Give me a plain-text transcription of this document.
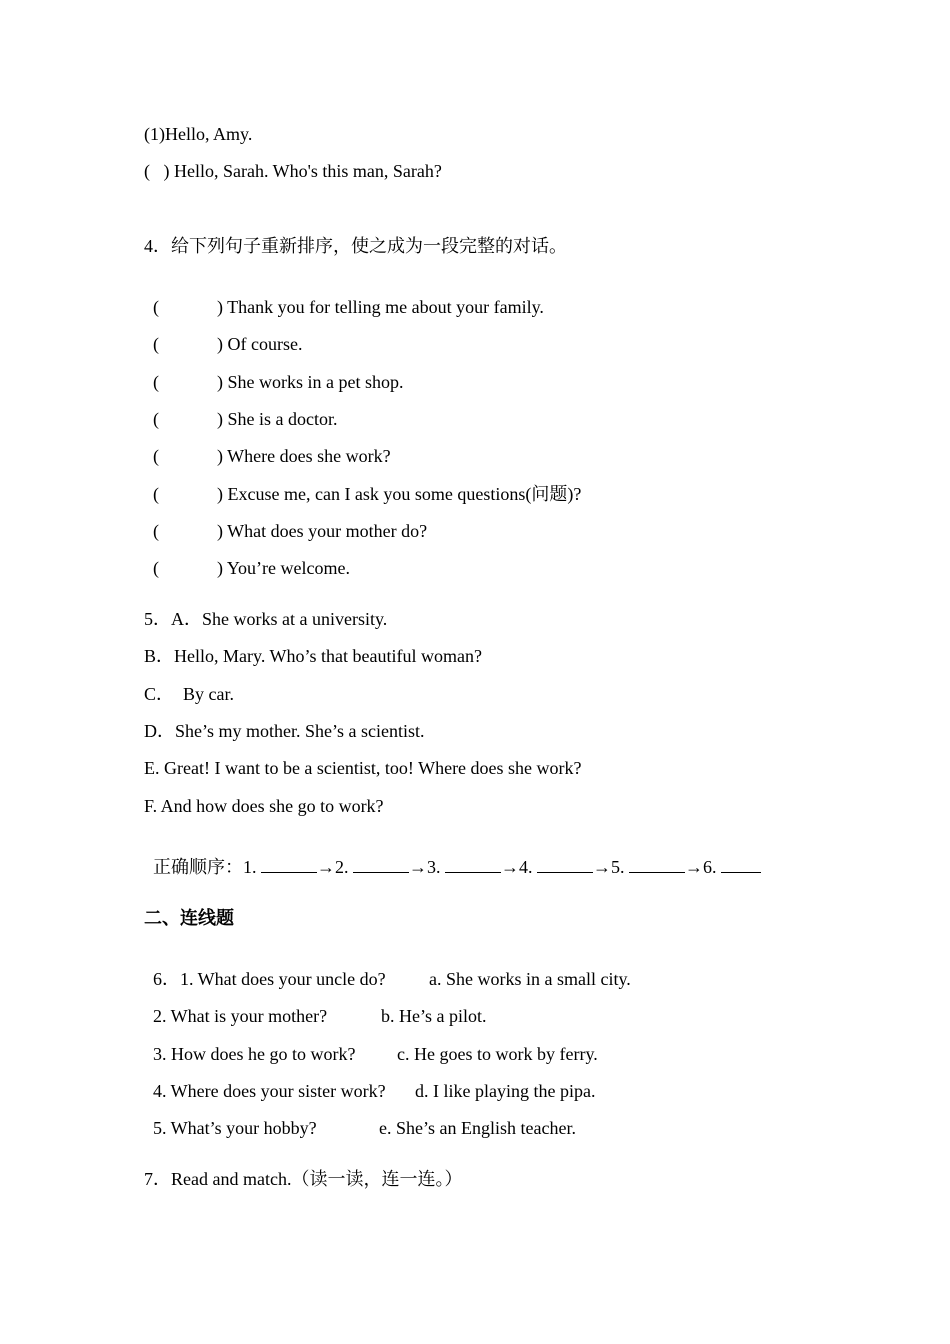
(1)Hello, Amy.
(   ) Hello, Sarah. Who's this man, Sarah?
4．给下列句子重新排序，使之成为一段完整的对话。

(	) Thank you for telling me about your family.

(	) Of course.

(	) She works in a pet shop.

(	) She is a doctor.

(	) Where does she work?

(	) Excuse me, can I ask you some questions(问题)?

(	) What does your mother do?

(	) You’re welcome.

5．A．She works at a university.
B．Hello, Mary. Who’s that beautiful woman?
C．  By car.
D．She’s my mother. She’s a scientist.
E. Great! I want to be a scientist, too! Where does she work?
F. And how does she go to work?

正确顺序：1.	→2.	→3.	→4.	→5.	→6.

二、连线题

6．1. What does your uncle do? a. She works in a small city.

2. What is your mother?	b. He’s a pilot.

3. How does he go to work? c. He goes to work by ferry.

4. Where does your sister work? d. I like playing the pipa.

5. What’s your hobby?	e. She’s an English teacher.

7．Read and match.（读一读，连一连。）
